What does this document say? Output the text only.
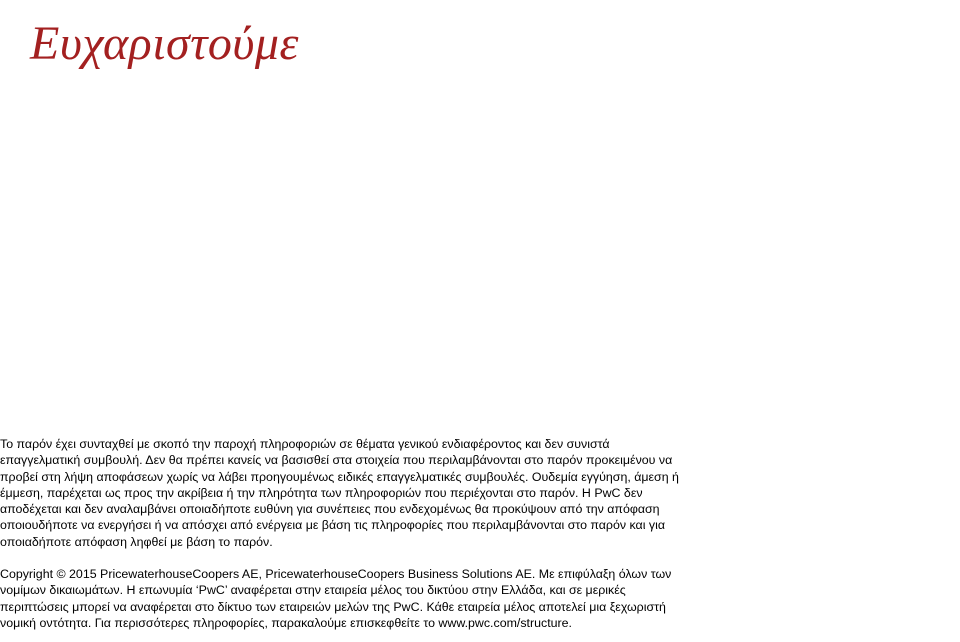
Ευχαριστούμε

Το παρόν έχει συνταχθεί με σκοπό την παροχή πληροφοριών σε θέματα γενικού ενδιαφέροντος και δεν συνιστά επαγγελματική συμβουλή. Δεν θα πρέπει κανείς να βασισθεί στα στοιχεία που περιλαμβάνονται στο παρόν προκειμένου να προβεί στη λήψη αποφάσεων χωρίς να λάβει προηγουμένως ειδικές επαγγελματικές συμβουλές. Ουδεμία εγγύηση, άμεση ή έμμεση, παρέχεται ως προς την ακρίβεια ή την πληρότητα των πληροφοριών που περιέχονται στο παρόν. Η PwC δεν αποδέχεται και δεν αναλαμβάνει οποιαδήποτε ευθύνη για συνέπειες που ενδεχομένως θα προκύψουν από την απόφαση οποιουδήποτε να ενεργήσει ή να απόσχει από ενέργεια με βάση τις πληροφορίες που περιλαμβάνονται στο παρόν και για οποιαδήποτε απόφαση ληφθεί με βάση το παρόν.

Copyright © 2015 PricewaterhouseCoopers AE, PricewaterhouseCoopers Business Solutions AE. Με επιφύλαξη όλων των νομίμων δικαιωμάτων. Η επωνυμία ‘PwC’ αναφέρεται στην εταιρεία μέλος του δικτύου στην Ελλάδα, και σε μερικές περιπτώσεις μπορεί να αναφέρεται στο δίκτυο των εταιρειών μελών της PwC. Κάθε εταιρεία μέλος αποτελεί μια ξεχωριστή νομική οντότητα. Για περισσότερες πληροφορίες, παρακαλούμε επισκεφθείτε το www.pwc.com/structure.
